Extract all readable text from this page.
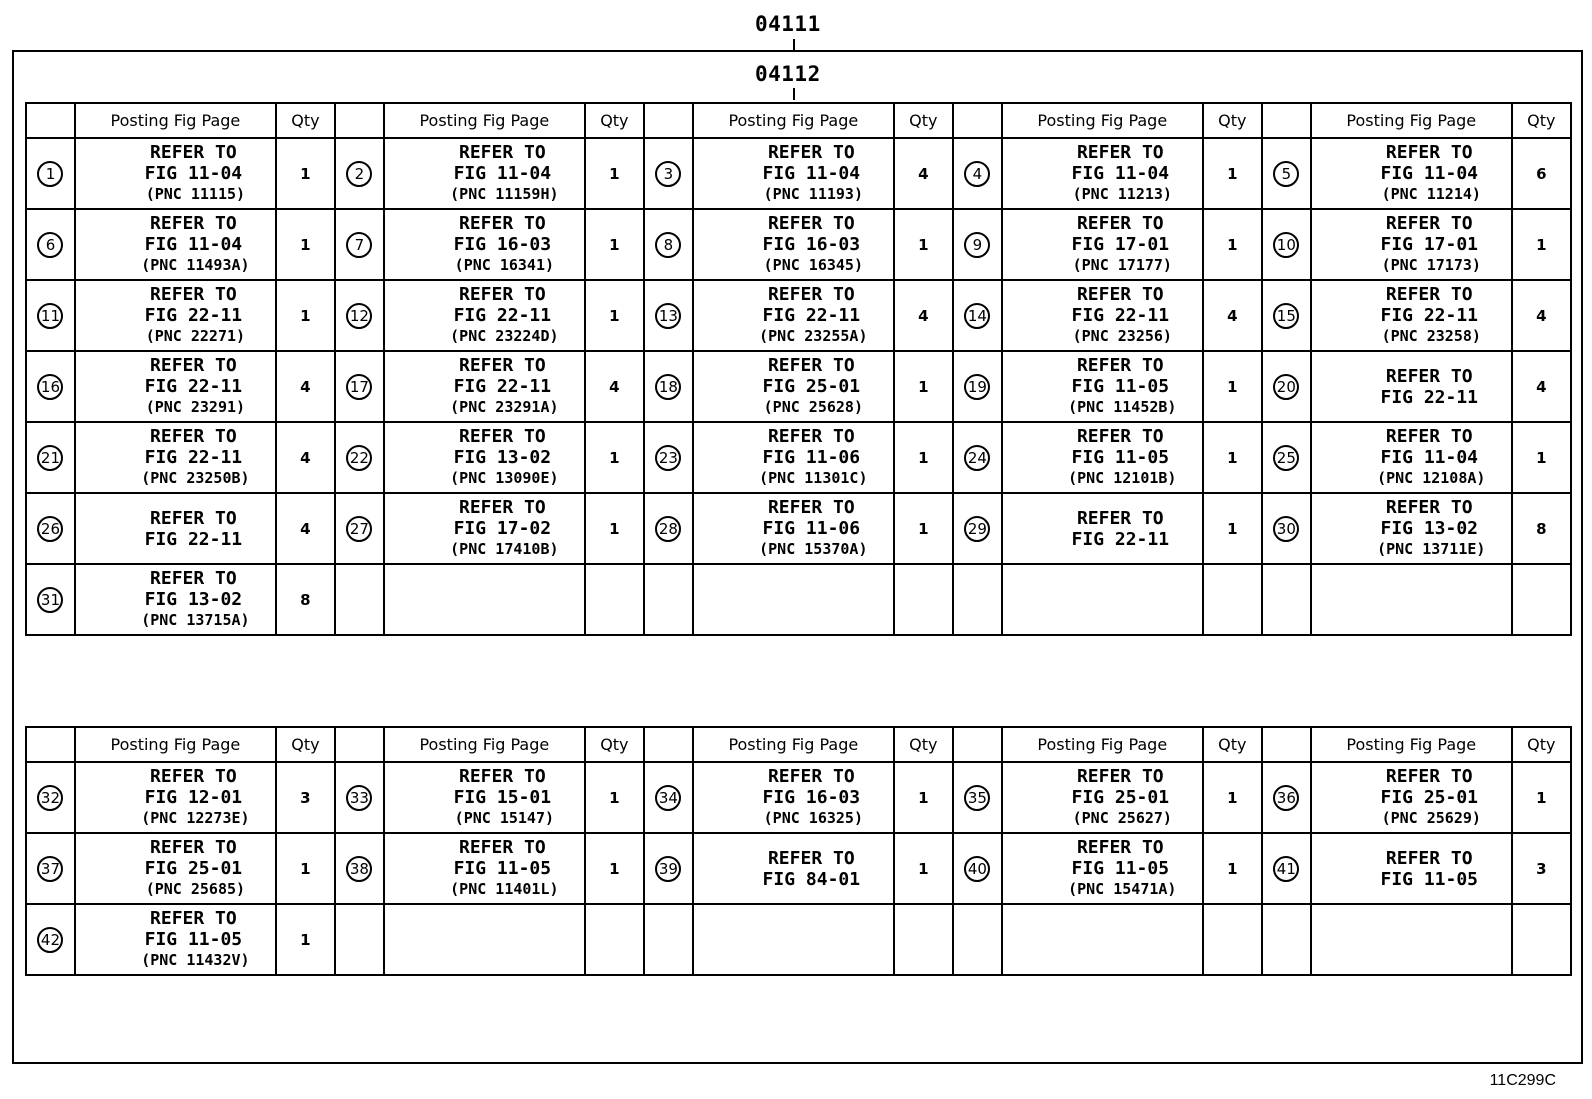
04111
04112
	Posting Fig Page	Qty		Posting Fig Page	Qty		Posting Fig Page	Qty		Posting Fig Page	Qty		Posting Fig Page	Qty
1	REFER TO
FIG 11-04
(PNC 11115)	1	2	REFER TO
FIG 11-04
(PNC 11159H)	1	3	REFER TO
FIG 11-04
(PNC 11193)	4	4	REFER TO
FIG 11-04
(PNC 11213)	1	5	REFER TO
FIG 11-04
(PNC 11214)	6
6	REFER TO
FIG 11-04
(PNC 11493A)	1	7	REFER TO
FIG 16-03
(PNC 16341)	1	8	REFER TO
FIG 16-03
(PNC 16345)	1	9	REFER TO
FIG 17-01
(PNC 17177)	1	10	REFER TO
FIG 17-01
(PNC 17173)	1
11	REFER TO
FIG 22-11
(PNC 22271)	1	12	REFER TO
FIG 22-11
(PNC 23224D)	1	13	REFER TO
FIG 22-11
(PNC 23255A)	4	14	REFER TO
FIG 22-11
(PNC 23256)	4	15	REFER TO
FIG 22-11
(PNC 23258)	4
16	REFER TO
FIG 22-11
(PNC 23291)	4	17	REFER TO
FIG 22-11
(PNC 23291A)	4	18	REFER TO
FIG 25-01
(PNC 25628)	1	19	REFER TO
FIG 11-05
(PNC 11452B)	1	20	REFER TO
FIG 22-11	4
21	REFER TO
FIG 22-11
(PNC 23250B)	4	22	REFER TO
FIG 13-02
(PNC 13090E)	1	23	REFER TO
FIG 11-06
(PNC 11301C)	1	24	REFER TO
FIG 11-05
(PNC 12101B)	1	25	REFER TO
FIG 11-04
(PNC 12108A)	1
26	REFER TO
FIG 22-11	4	27	REFER TO
FIG 17-02
(PNC 17410B)	1	28	REFER TO
FIG 11-06
(PNC 15370A)	1	29	REFER TO
FIG 22-11	1	30	REFER TO
FIG 13-02
(PNC 13711E)	8
31	REFER TO
FIG 13-02
(PNC 13715A)	8												
	Posting Fig Page	Qty		Posting Fig Page	Qty		Posting Fig Page	Qty		Posting Fig Page	Qty		Posting Fig Page	Qty
32	REFER TO
FIG 12-01
(PNC 12273E)	3	33	REFER TO
FIG 15-01
(PNC 15147)	1	34	REFER TO
FIG 16-03
(PNC 16325)	1	35	REFER TO
FIG 25-01
(PNC 25627)	1	36	REFER TO
FIG 25-01
(PNC 25629)	1
37	REFER TO
FIG 25-01
(PNC 25685)	1	38	REFER TO
FIG 11-05
(PNC 11401L)	1	39	REFER TO
FIG 84-01	1	40	REFER TO
FIG 11-05
(PNC 15471A)	1	41	REFER TO
FIG 11-05	3
42	REFER TO
FIG 11-05
(PNC 11432V)	1												
11C299C
